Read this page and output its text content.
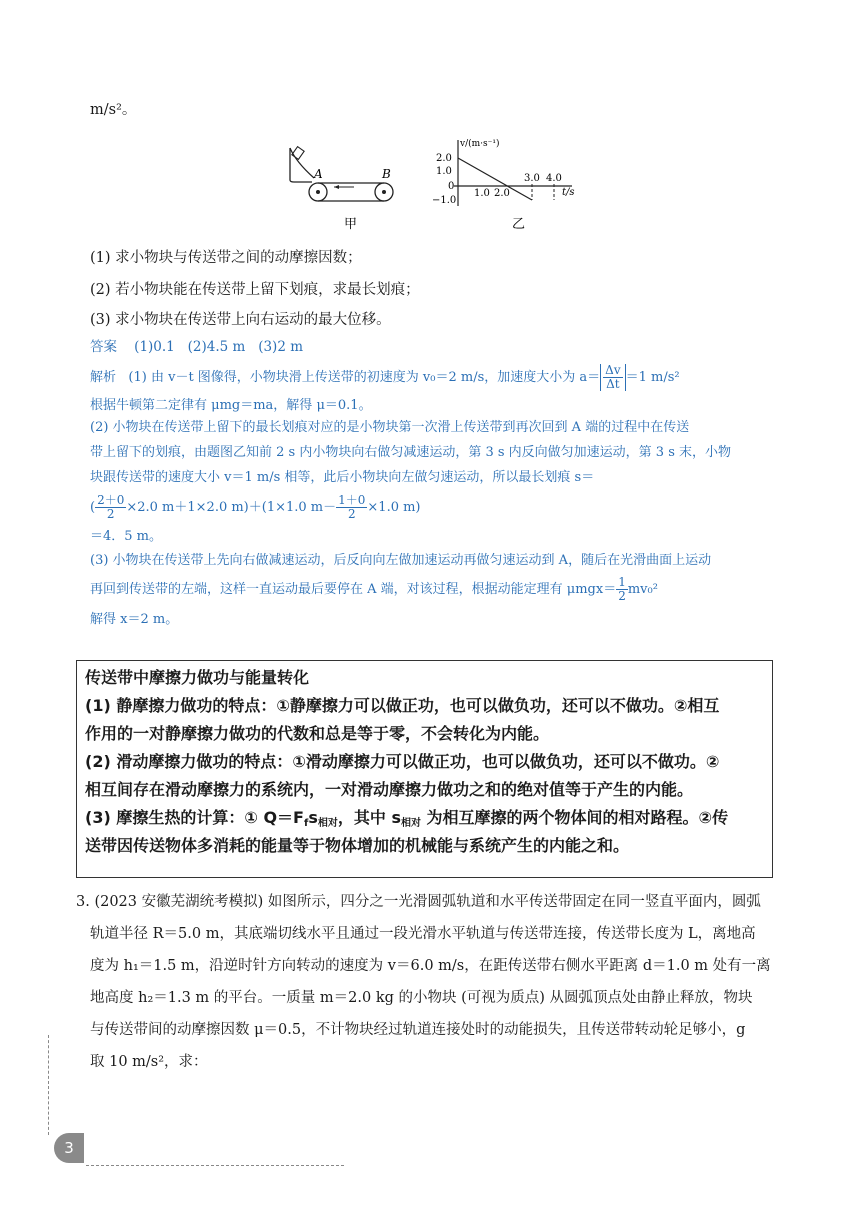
m/s²。
A	B
甲
v/(m·s⁻¹)
2.0
1.0
0
−1.0
1.0 2.0
3.0 4.0
t/s
乙
(1) 求小物块与传送带之间的动摩擦因数；
(2) 若小物块能在传送带上留下划痕，求最长划痕；
(3) 求小物块在传送带上向右运动的最大位移。
答案 (1)0.1 (2)4.5 m (3)2 m
解析 (1) 由 v－t 图像得，小物块滑上传送带的初速度为 v₀＝2 m/s，加速度大小为 $a= \frac{\Delta v}{\Delta t} =1$ m/s²
根据牛顿第二定律有 μmg＝ma，解得 μ＝0.1。
(2) 小物块在传送带上留下的最长划痕对应的是小物块第一次滑上传送带到再次回到 A 端的过程中在传送
带上留下的划痕，由题图乙知前 2 s 内小物块向右做匀减速运动，第 3 s 内反向做匀加速运动，第 3 s 末，小物
块跟传送带的速度大小 v＝1 m/s 相等，此后小物块向左做匀速运动，所以最长划痕 s＝
( $\frac{2+0}{2} \times 2.0$ m＋1×2.0 m)＋(1×1.0 $m- \frac{1+0}{2} \times 1.0$ m)
＝4．5 m。
(3) 小物块在传送带上先向右做减速运动，后反向向左做加速运动再做匀速运动到 A，随后在光滑曲面上运动
再回到传送带的左端，这样一直运动最后要停在 A 端，对该过程，根据动能定理有 $\mu mgx= \frac{1}{2} mv_0^2$
解得 x＝2 m。
传送带中摩擦力做功与能量转化
(1) 静摩擦力做功的特点：①静摩擦力可以做正功，也可以做负功，还可以不做功。②相互
作用的一对静摩擦力做功的代数和总是等于零，不会转化为内能。
(2) 滑动摩擦力做功的特点：①滑动摩擦力可以做正功，也可以做负功，还可以不做功。②
相互间存在滑动摩擦力的系统内，一对滑动摩擦力做功之和的绝对值等于产生的内能。
(3) 摩擦生热的计算：① $Q=F_fs_{相对}$，其中 $s_{相对}$ 为相互摩擦的两个物体间的相对路程。②传
送带因传送物体多消耗的能量等于物体增加的机械能与系统产生的内能之和。
3. (2023 安徽芜湖统考模拟) 如图所示，四分之一光滑圆弧轨道和水平传送带固定在同一竖直平面内，圆弧
轨道半径 R＝5.0 m，其底端切线水平且通过一段光滑水平轨道与传送带连接，传送带长度为 L，离地高
度为 h₁＝1.5 m，沿逆时针方向转动的速度为 v＝6.0 m/s，在距传送带右侧水平距离 d＝1.0 m 处有一离
地高度 h₂＝1.3 m 的平台。一质量 m＝2.0 kg 的小物块 (可视为质点) 从圆弧顶点处由静止释放，物块
与传送带间的动摩擦因数 μ＝0.5，不计物块经过轨道连接处时的动能损失，且传送带转动轮足够小，g
取 10 m/s²，求：
3
